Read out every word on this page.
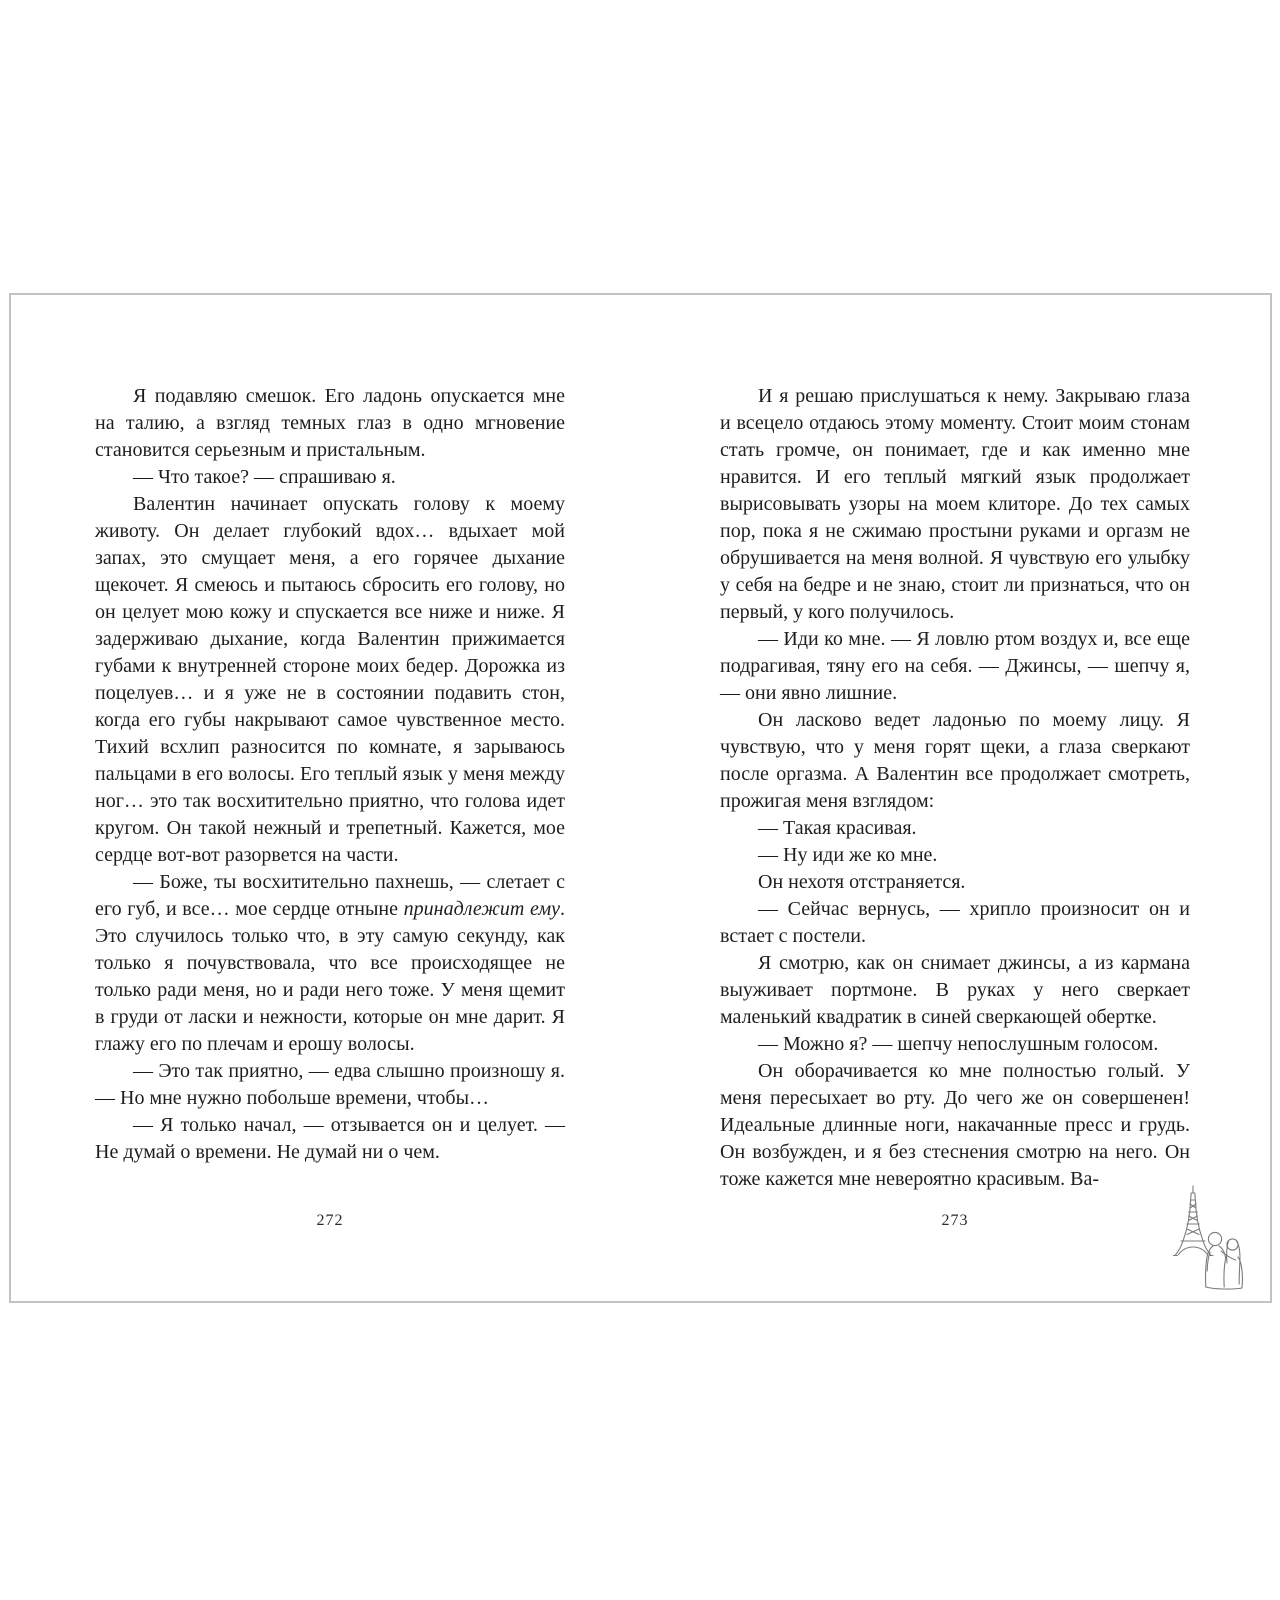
Я подавляю смешок. Его ладонь опускается мне на талию, а взгляд темных глаз в одно мгновение становится серьезным и пристальным.

— Что такое? — спрашиваю я.

Валентин начинает опускать голову к моему животу. Он делает глубокий вдох… вдыхает мой запах, это смущает меня, а его горячее дыхание щекочет. Я смеюсь и пытаюсь сбросить его голову, но он целует мою кожу и спускается все ниже и ниже. Я задерживаю дыхание, когда Валентин прижимается губами к внутренней стороне моих бедер. Дорожка из поцелуев… и я уже не в состоянии подавить стон, когда его губы накрывают самое чувственное место. Тихий всхлип разносится по комнате, я зарываюсь пальцами в его волосы. Его теплый язык у меня между ног… это так восхитительно приятно, что голова идет кругом. Он такой нежный и трепетный. Кажется, мое сердце вот-вот разорвется на части.

— Боже, ты восхитительно пахнешь, — слетает с его губ, и все… мое сердце отныне принадлежит ему. Это случилось только что, в эту самую секунду, как только я почувствовала, что все происходящее не только ради меня, но и ради него тоже. У меня щемит в груди от ласки и нежности, которые он мне дарит. Я глажу его по плечам и ерошу волосы.

— Это так приятно, — едва слышно произношу я. — Но мне нужно побольше времени, чтобы…

— Я только начал, — отзывается он и целует. — Не думай о времени. Не думай ни о чем.

И я решаю прислушаться к нему. Закрываю глаза и всецело отдаюсь этому моменту. Стоит моим стонам стать громче, он понимает, где и как именно мне нравится. И его теплый мягкий язык продолжает вырисовывать узоры на моем клиторе. До тех самых пор, пока я не сжимаю простыни руками и оргазм не обрушивается на меня волной. Я чувствую его улыбку у себя на бедре и не знаю, стоит ли признаться, что он первый, у кого получилось.

— Иди ко мне. — Я ловлю ртом воздух и, все еще подрагивая, тяну его на себя. — Джинсы, — шепчу я, — они явно лишние.

Он ласково ведет ладонью по моему лицу. Я чувствую, что у меня горят щеки, а глаза сверкают после оргазма. А Валентин все продолжает смотреть, прожигая меня взглядом:

— Такая красивая.

— Ну иди же ко мне.

Он нехотя отстраняется.

— Сейчас вернусь, — хрипло произносит он и встает с постели.

Я смотрю, как он снимает джинсы, а из кармана выуживает портмоне. В руках у него сверкает маленький квадратик в синей сверкающей обертке.

— Можно я? — шепчу непослушным голосом.

Он оборачивается ко мне полностью голый. У меня пересыхает во рту. До чего же он совершенен! Идеальные длинные ноги, накачанные пресс и грудь. Он возбужден, и я без стеснения смотрю на него. Он тоже кажется мне невероятно красивым. Ва-

272	273
